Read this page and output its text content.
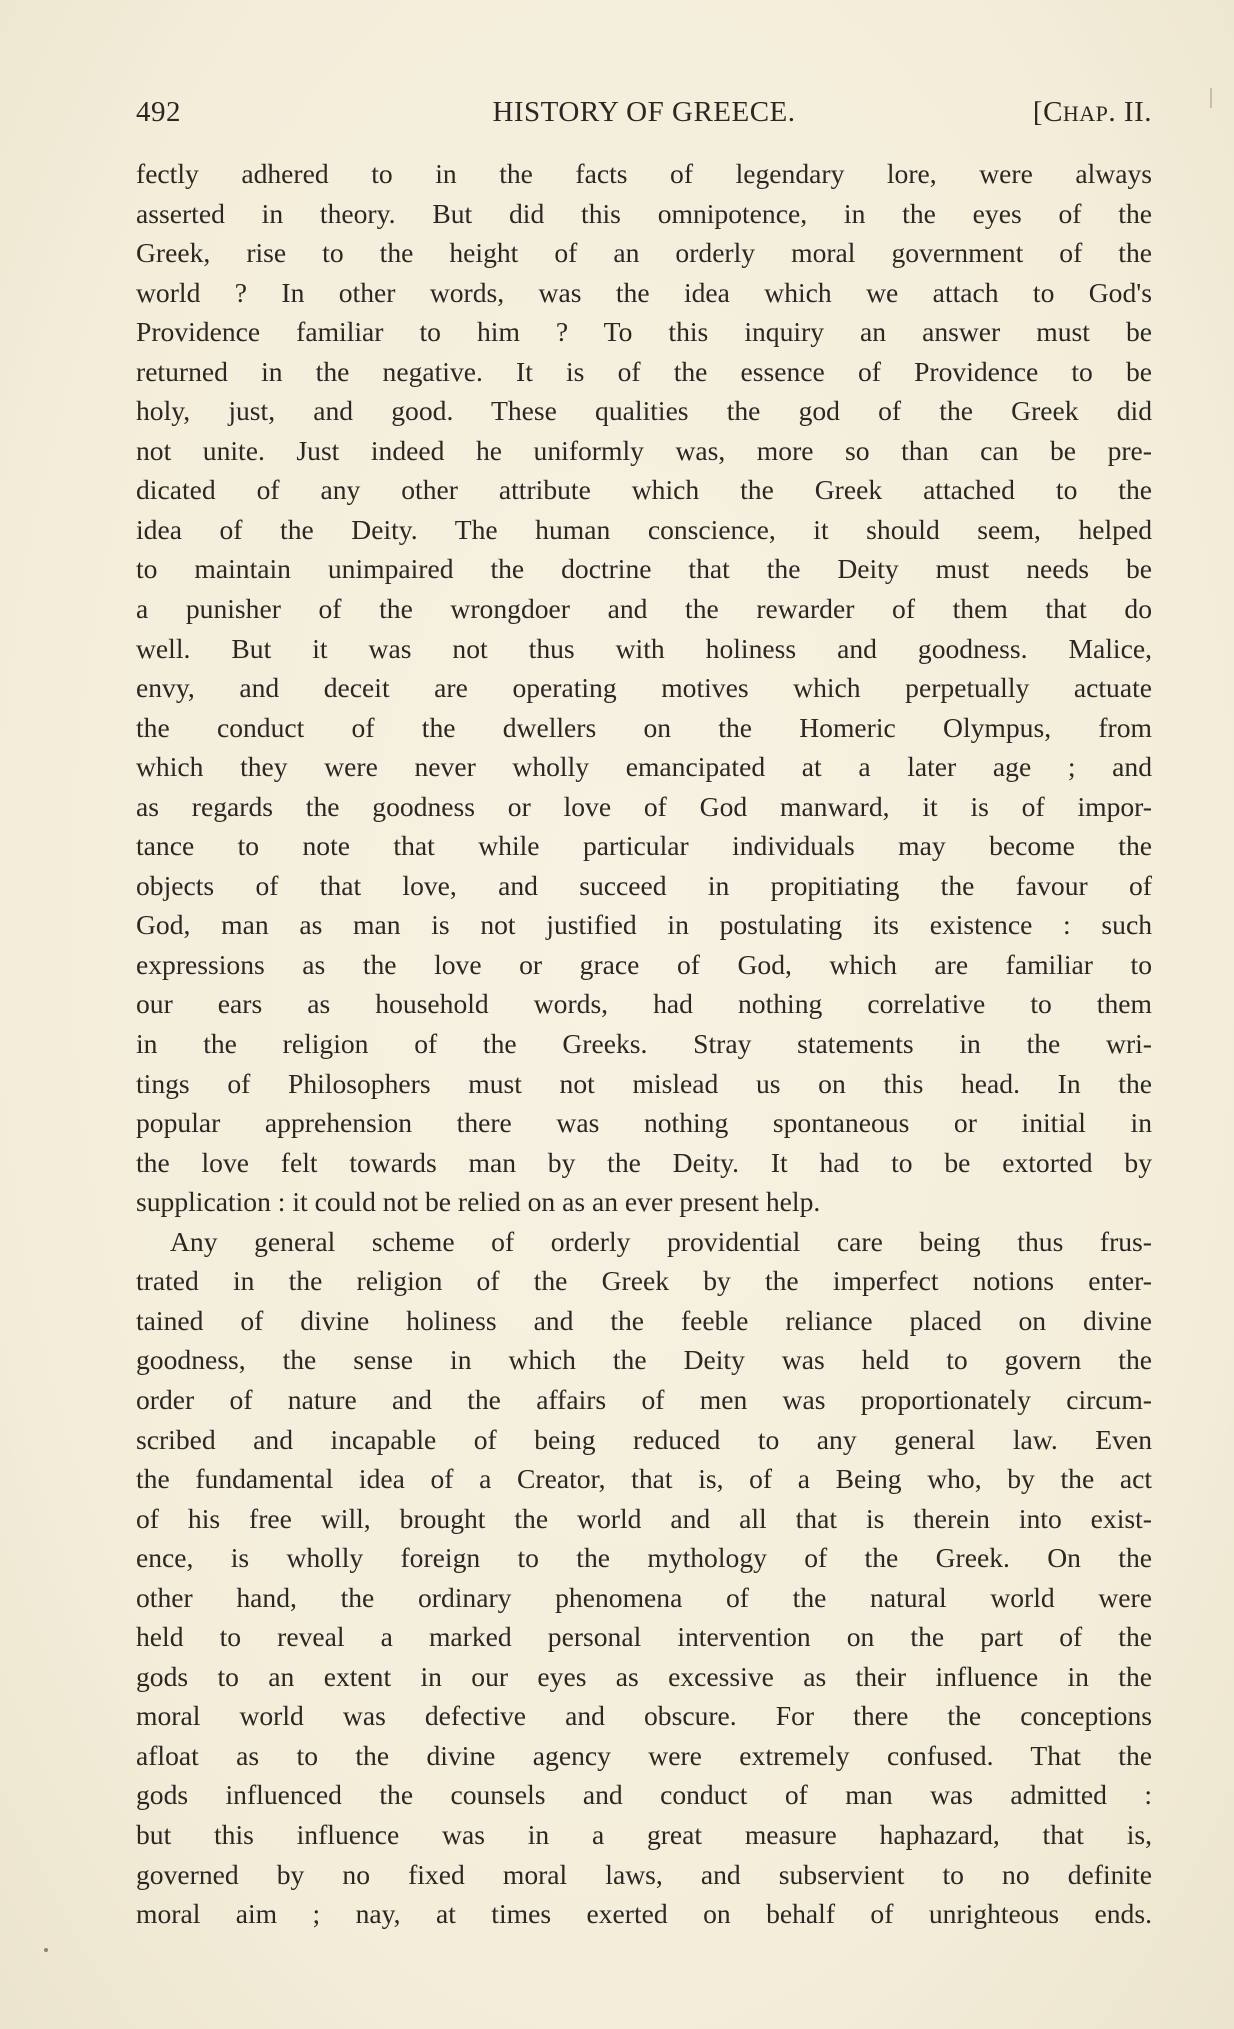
492	HISTORY OF GREECE.	[CHAP. II.
fectly adhered to in the facts of legendary lore, were always
asserted in theory. But did this omnipotence, in the eyes of the
Greek, rise to the height of an orderly moral government of the
world ? In other words, was the idea which we attach to God's
Providence familiar to him ? To this inquiry an answer must be
returned in the negative. It is of the essence of Providence to be
holy, just, and good. These qualities the god of the Greek did
not unite. Just indeed he uniformly was, more so than can be pre-
dicated of any other attribute which the Greek attached to the
idea of the Deity. The human conscience, it should seem, helped
to maintain unimpaired the doctrine that the Deity must needs be
a punisher of the wrongdoer and the rewarder of them that do
well. But it was not thus with holiness and goodness. Malice,
envy, and deceit are operating motives which perpetually actuate
the conduct of the dwellers on the Homeric Olympus, from
which they were never wholly emancipated at a later age ; and
as regards the goodness or love of God manward, it is of impor-
tance to note that while particular individuals may become the
objects of that love, and succeed in propitiating the favour of
God, man as man is not justified in postulating its existence : such
expressions as the love or grace of God, which are familiar to
our ears as household words, had nothing correlative to them
in the religion of the Greeks. Stray statements in the wri-
tings of Philosophers must not mislead us on this head. In the
popular apprehension there was nothing spontaneous or initial in
the love felt towards man by the Deity. It had to be extorted by
supplication : it could not be relied on as an ever present help.
Any general scheme of orderly providential care being thus frus-
trated in the religion of the Greek by the imperfect notions enter-
tained of divine holiness and the feeble reliance placed on divine
goodness, the sense in which the Deity was held to govern the
order of nature and the affairs of men was proportionately circum-
scribed and incapable of being reduced to any general law. Even
the fundamental idea of a Creator, that is, of a Being who, by the act
of his free will, brought the world and all that is therein into exist-
ence, is wholly foreign to the mythology of the Greek. On the
other hand, the ordinary phenomena of the natural world were
held to reveal a marked personal intervention on the part of the
gods to an extent in our eyes as excessive as their influence in the
moral world was defective and obscure. For there the conceptions
afloat as to the divine agency were extremely confused. That the
gods influenced the counsels and conduct of man was admitted :
but this influence was in a great measure haphazard, that is,
governed by no fixed moral laws, and subservient to no definite
moral aim ; nay, at times exerted on behalf of unrighteous ends.
